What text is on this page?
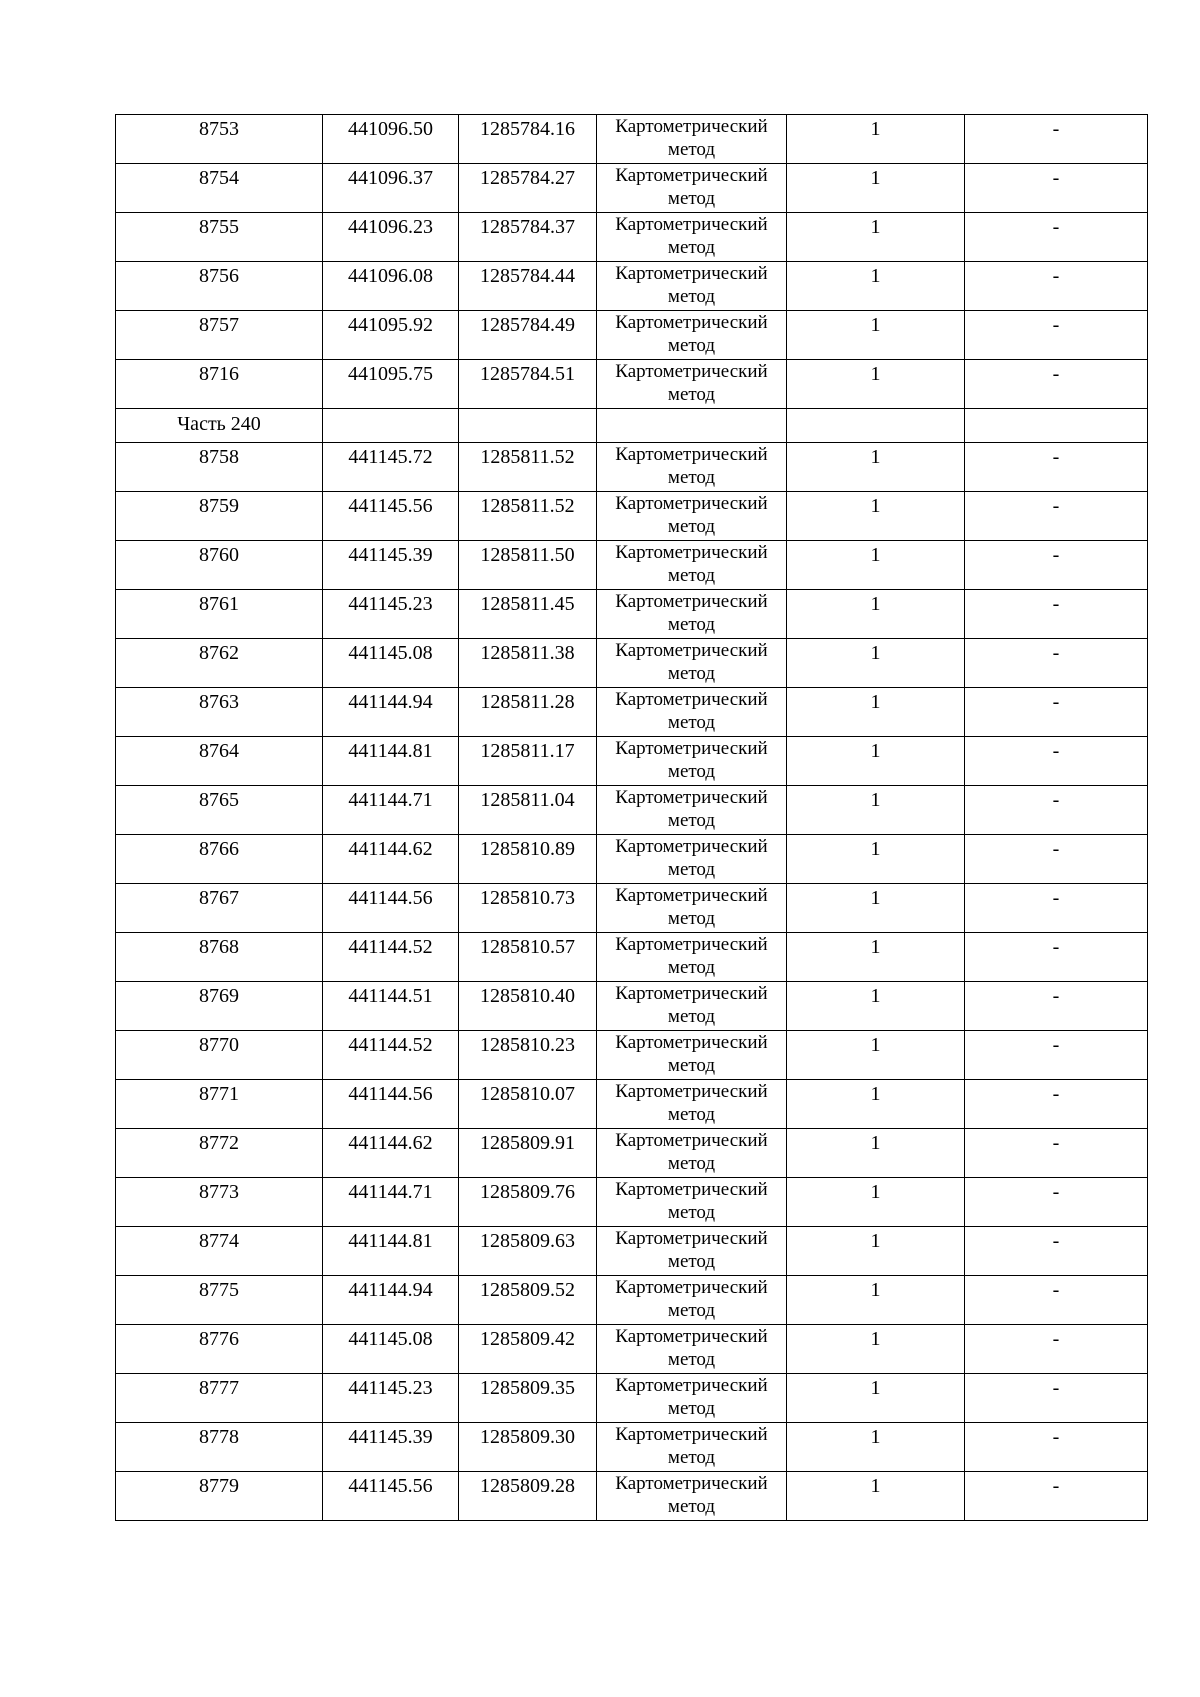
8753	441096.50	1285784.16	Картометрический метод	1	-

8754	441096.37	1285784.27	Картометрический метод	1	-

8755	441096.23	1285784.37	Картометрический метод	1	-

8756	441096.08	1285784.44	Картометрический метод	1	-

8757	441095.92	1285784.49	Картометрический метод	1	-

8716	441095.75	1285784.51	Картометрический метод	1	-

Часть 240					

8758	441145.72	1285811.52	Картометрический метод	1	-

8759	441145.56	1285811.52	Картометрический метод	1	-

8760	441145.39	1285811.50	Картометрический метод	1	-

8761	441145.23	1285811.45	Картометрический метод	1	-

8762	441145.08	1285811.38	Картометрический метод	1	-

8763	441144.94	1285811.28	Картометрический метод	1	-

8764	441144.81	1285811.17	Картометрический метод	1	-

8765	441144.71	1285811.04	Картометрический метод	1	-

8766	441144.62	1285810.89	Картометрический метод	1	-

8767	441144.56	1285810.73	Картометрический метод	1	-

8768	441144.52	1285810.57	Картометрический метод	1	-

8769	441144.51	1285810.40	Картометрический метод	1	-

8770	441144.52	1285810.23	Картометрический метод	1	-

8771	441144.56	1285810.07	Картометрический метод	1	-

8772	441144.62	1285809.91	Картометрический метод	1	-

8773	441144.71	1285809.76	Картометрический метод	1	-

8774	441144.81	1285809.63	Картометрический метод	1	-

8775	441144.94	1285809.52	Картометрический метод	1	-

8776	441145.08	1285809.42	Картометрический метод	1	-

8777	441145.23	1285809.35	Картометрический метод	1	-

8778	441145.39	1285809.30	Картометрический метод	1	-

8779	441145.56	1285809.28	Картометрический метод	1	-
